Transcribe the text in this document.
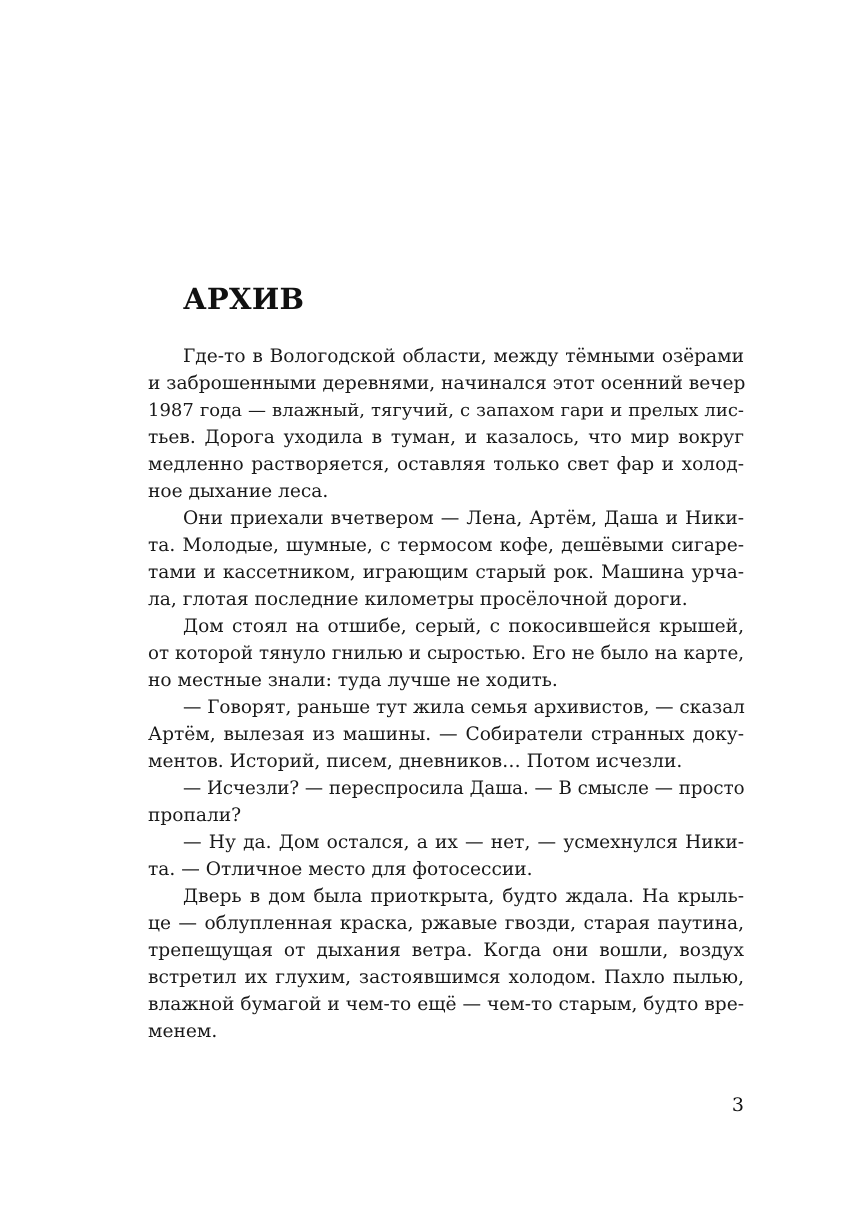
АРХИВ
Где-то в Вологодской области, между тёмными озёрами
и заброшенными деревнями, начинался этот осенний вечер
1987 года — влажный, тягучий, с запахом гари и прелых лис-
тьев. Дорога уходила в туман, и казалось, что мир вокруг
медленно растворяется, оставляя только свет фар и холод-
ное дыхание леса.
Они приехали вчетвером — Лена, Артём, Даша и Ники-
та. Молодые, шумные, с термосом кофе, дешёвыми сигаре-
тами и кассетником, играющим старый рок. Машина урча-
ла, глотая последние километры просёлочной дороги.
Дом стоял на отшибе, серый, с покосившейся крышей,
от которой тянуло гнилью и сыростью. Его не было на карте,
но местные знали: туда лучше не ходить.
— Говорят, раньше тут жила семья архивистов, — сказал
Артём, вылезая из машины. — Собиратели странных доку-
ментов. Историй, писем, дневников… Потом исчезли.
— Исчезли? — переспросила Даша. — В смысле — просто
пропали?
— Ну да. Дом остался, а их — нет, — усмехнулся Ники-
та. — Отличное место для фотосессии.
Дверь в дом была приоткрыта, будто ждала. На крыль-
це — облупленная краска, ржавые гвозди, старая паутина,
трепещущая от дыхания ветра. Когда они вошли, воздух
встретил их глухим, застоявшимся холодом. Пахло пылью,
влажной бумагой и чем-то ещё — чем-то старым, будто вре-
менем.
3
